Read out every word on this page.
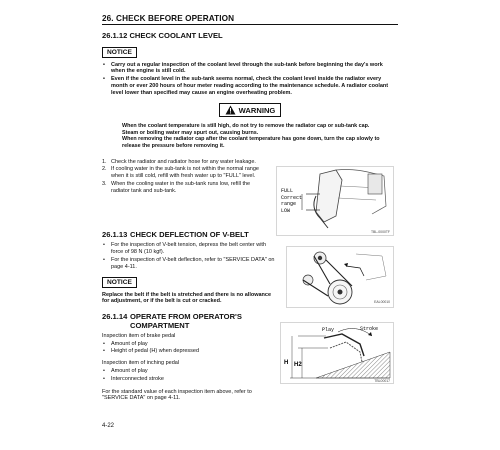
26. CHECK BEFORE OPERATION
26.1.12 CHECK COOLANT LEVEL
NOTICE
• Carry out a regular inspection of the coolant level through the sub-tank before beginning the day's work when the engine is still cold.
• Even if the coolant level in the sub-tank seems normal, check the coolant level inside the radiator every month or ever 200 hours of hour meter reading according to the maintenance schedule. A radiator coolant level lower than specified may cause an engine overheating problem.
WARNING
When the coolant temperature is still high, do not try to remove the radiator cap or sub-tank cap. Steam or boiling water may spurt out, causing burns.
When removing the radiator cap after the coolant temperature has gone down, turn the cap slowly to release the pressure before removing it.
1. Check the radiator and radiator hose for any water leakage.
2. If cooling water in the sub-tank is not within the normal range when it is still cold, refill with fresh water up to "FULL" level.
3. When the cooling water in the sub-tank runs low, refill the radiator tank and sub-tank.
26.1.13 CHECK DEFLECTION OF V-BELT
• For the inspection of V-belt tension, depress the belt center with force of 98 N (10 kgf).
• For the inspection of V-belt deflection, refer to "SERVICE DATA" on page 4-11.
NOTICE
Replace the belt if the belt is stretched and there is no allowance for adjustment, or if the belt is cut or cracked.
26.1.14 OPERATE FROM OPERATOR'S
COMPARTMENT
Inspection item of brake pedal
• Amount of play
• Height of pedal (H) when depressed
Inspection item of inching pedal
• Amount of play
• Interconnected stroke
For the standard value of each inspection item above, refer to "SERVICE DATA" on page 4-11.
FULL
Correct
range
LOW
TBL-0000TF
EAL00010
Play	Stroke
H H2
TBL00017
4-22
